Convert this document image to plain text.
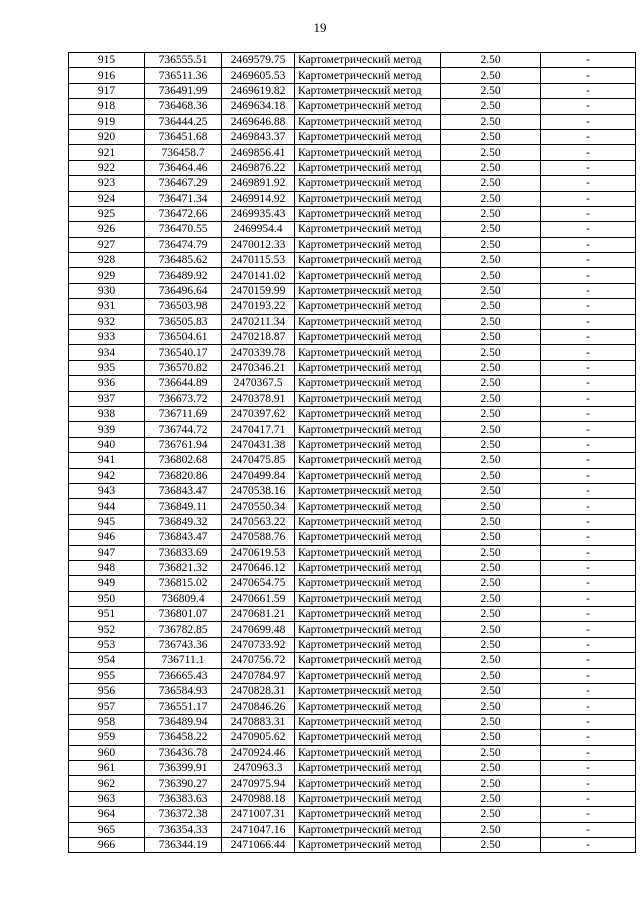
19
915	736555.51	2469579.75	Картометрический метод	2.50	-
916	736511.36	2469605.53	Картометрический метод	2.50	-
917	736491.99	2469619.82	Картометрический метод	2.50	-
918	736468.36	2469634.18	Картометрический метод	2.50	-
919	736444.25	2469646.88	Картометрический метод	2.50	-
920	736451.68	2469843.37	Картометрический метод	2.50	-
921	736458.7	2469856.41	Картометрический метод	2.50	-
922	736464.46	2469876.22	Картометрический метод	2.50	-
923	736467.29	2469891.92	Картометрический метод	2.50	-
924	736471.34	2469914.92	Картометрический метод	2.50	-
925	736472.66	2469935.43	Картометрический метод	2.50	-
926	736470.55	2469954.4	Картометрический метод	2.50	-
927	736474.79	2470012.33	Картометрический метод	2.50	-
928	736485.62	2470115.53	Картометрический метод	2.50	-
929	736489.92	2470141.02	Картометрический метод	2.50	-
930	736496.64	2470159.99	Картометрический метод	2.50	-
931	736503.98	2470193.22	Картометрический метод	2.50	-
932	736505.83	2470211.34	Картометрический метод	2.50	-
933	736504.61	2470218.87	Картометрический метод	2.50	-
934	736540.17	2470339.78	Картометрический метод	2.50	-
935	736570.82	2470346.21	Картометрический метод	2.50	-
936	736644.89	2470367.5	Картометрический метод	2.50	-
937	736673.72	2470378.91	Картометрический метод	2.50	-
938	736711.69	2470397.62	Картометрический метод	2.50	-
939	736744.72	2470417.71	Картометрический метод	2.50	-
940	736761.94	2470431.38	Картометрический метод	2.50	-
941	736802.68	2470475.85	Картометрический метод	2.50	-
942	736820.86	2470499.84	Картометрический метод	2.50	-
943	736843.47	2470538.16	Картометрический метод	2.50	-
944	736849.11	2470550.34	Картометрический метод	2.50	-
945	736849.32	2470563.22	Картометрический метод	2.50	-
946	736843.47	2470588.76	Картометрический метод	2.50	-
947	736833.69	2470619.53	Картометрический метод	2.50	-
948	736821.32	2470646.12	Картометрический метод	2.50	-
949	736815.02	2470654.75	Картометрический метод	2.50	-
950	736809.4	2470661.59	Картометрический метод	2.50	-
951	736801.07	2470681.21	Картометрический метод	2.50	-
952	736782.85	2470699.48	Картометрический метод	2.50	-
953	736743.36	2470733.92	Картометрический метод	2.50	-
954	736711.1	2470756.72	Картометрический метод	2.50	-
955	736665.43	2470784.97	Картометрический метод	2.50	-
956	736584.93	2470828.31	Картометрический метод	2.50	-
957	736551.17	2470846.26	Картометрический метод	2.50	-
958	736489.94	2470883.31	Картометрический метод	2.50	-
959	736458.22	2470905.62	Картометрический метод	2.50	-
960	736436.78	2470924.46	Картометрический метод	2.50	-
961	736399.91	2470963.3	Картометрический метод	2.50	-
962	736390.27	2470975.94	Картометрический метод	2.50	-
963	736383.63	2470988.18	Картометрический метод	2.50	-
964	736372.38	2471007.31	Картометрический метод	2.50	-
965	736354.33	2471047.16	Картометрический метод	2.50	-
966	736344.19	2471066.44	Картометрический метод	2.50	-
